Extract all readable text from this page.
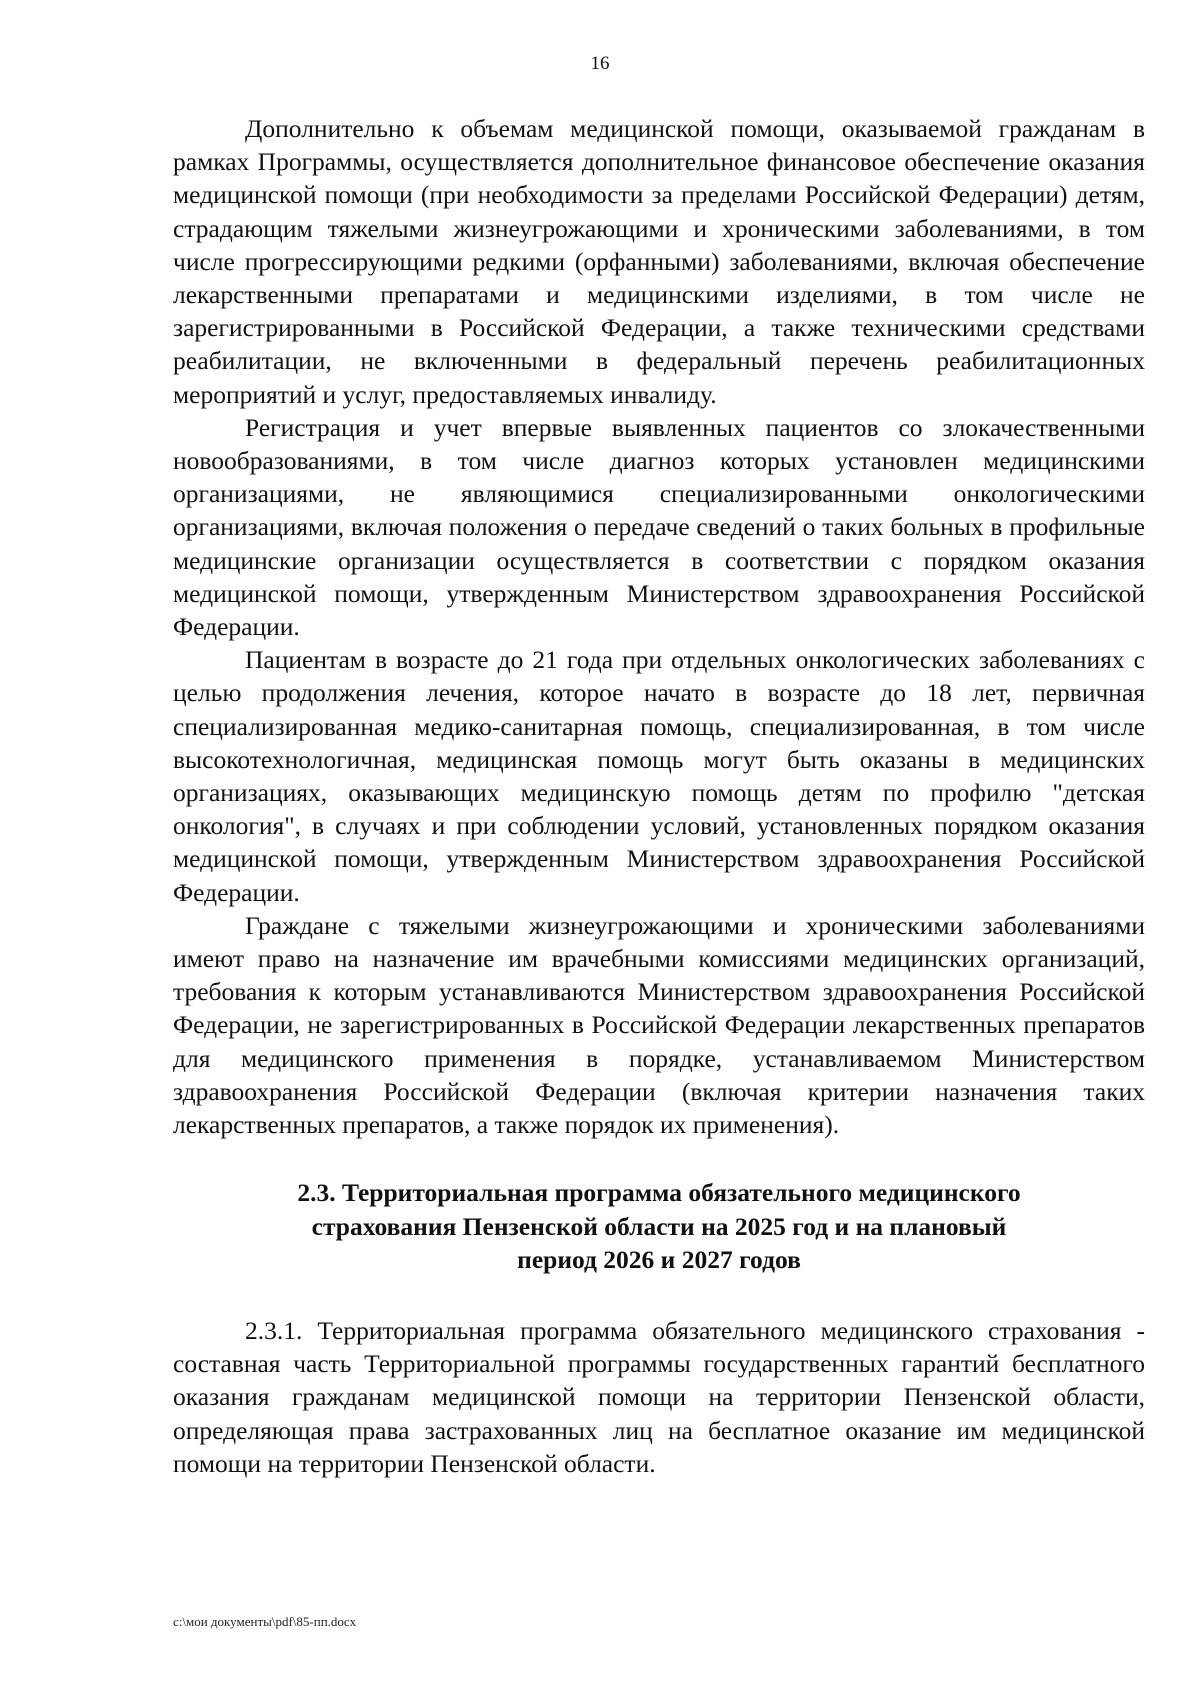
16

Дополнительно к объемам медицинской помощи, оказываемой гражданам в рамках Программы, осуществляется дополнительное финансовое обеспечение оказания медицинской помощи (при необходимости за пределами Российской Федерации) детям, страдающим тяжелыми жизнеугрожающими и хроническими заболеваниями, в том числе прогрессирующими редкими (орфанными) заболеваниями, включая обеспечение лекарственными препаратами и медицинскими изделиями, в том числе не зарегистрированными в Российской Федерации, а также техническими средствами реабилитации, не включенными в федеральный перечень реабилитационных мероприятий и услуг, предоставляемых инвалиду.

Регистрация и учет впервые выявленных пациентов со злокачественными новообразованиями, в том числе диагноз которых установлен медицинскими организациями, не являющимися специализированными онкологическими организациями, включая положения о передаче сведений о таких больных в профильные медицинские организации осуществляется в соответствии с порядком оказания медицинской помощи, утвержденным Министерством здравоохранения Российской Федерации.

Пациентам в возрасте до 21 года при отдельных онкологических заболеваниях с целью продолжения лечения, которое начато в возрасте до 18 лет, первичная специализированная медико-санитарная помощь, специализированная, в том числе высокотехнологичная, медицинская помощь могут быть оказаны в медицинских организациях, оказывающих медицинскую помощь детям по профилю "детская онкология", в случаях и при соблюдении условий, установленных порядком оказания медицинской помощи, утвержденным Министерством здравоохранения Российской Федерации.

Граждане с тяжелыми жизнеугрожающими и хроническими заболеваниями имеют право на назначение им врачебными комиссиями медицинских организаций, требования к которым устанавливаются Министерством здравоохранения Российской Федерации, не зарегистрированных в Российской Федерации лекарственных препаратов для медицинского применения в порядке, устанавливаемом Министерством здравоохранения Российской Федерации (включая критерии назначения таких лекарственных препаратов, а также порядок их применения).

2.3. Территориальная программа обязательного медицинского страхования Пензенской области на 2025 год и на плановый период 2026 и 2027 годов

2.3.1. Территориальная программа обязательного медицинского страхования - составная часть Территориальной программы государственных гарантий бесплатного оказания гражданам медицинской помощи на территории Пензенской области, определяющая права застрахованных лиц на бесплатное оказание им медицинской помощи на территории Пензенской области.

c:\мои документы\pdf\85-пп.docx
